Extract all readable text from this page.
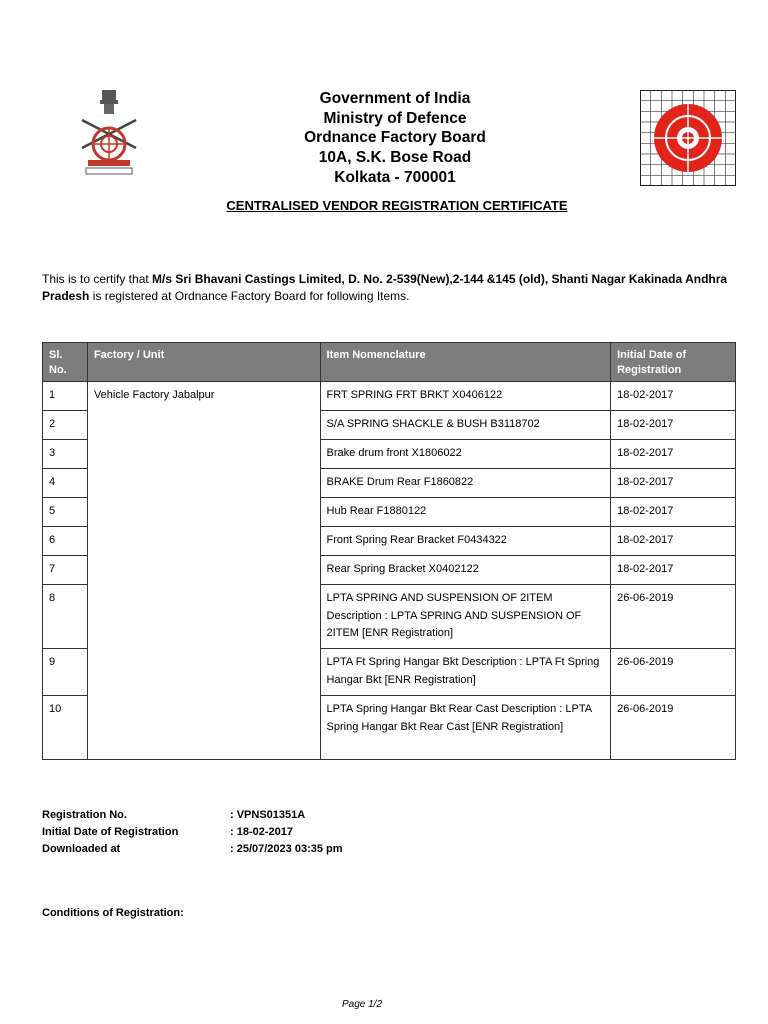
Government of India
Ministry of Defence
Ordnance Factory Board
10A, S.K. Bose Road
Kolkata - 700001
CENTRALISED VENDOR REGISTRATION CERTIFICATE
This is to certify that M/s Sri Bhavani Castings Limited, D. No. 2-539(New),2-144 &145 (old), Shanti Nagar Kakinada Andhra Pradesh is registered at Ordnance Factory Board for following Items.
Sl. No.	Factory / Unit	Item Nomenclature	Initial Date of Registration
1	Vehicle Factory Jabalpur	FRT SPRING FRT BRKT X0406122	18-02-2017
2		S/A SPRING SHACKLE & BUSH B3118702	18-02-2017
3		Brake drum front X1806022	18-02-2017
4		BRAKE Drum Rear F1860822	18-02-2017
5		Hub Rear F1880122	18-02-2017
6		Front Spring Rear Bracket F0434322	18-02-2017
7		Rear Spring Bracket X0402122	18-02-2017
8		LPTA SPRING AND SUSPENSION OF 2ITEM Description : LPTA SPRING AND SUSPENSION OF 2ITEM [ENR Registration]	26-06-2019
9		LPTA Ft Spring Hangar Bkt Description : LPTA Ft Spring Hangar Bkt [ENR Registration]	26-06-2019
10		LPTA Spring Hangar Bkt Rear Cast Description : LPTA Spring Hangar Bkt Rear Cast [ENR Registration]	26-06-2019
Registration No.	: VPNS01351A
Initial Date of Registration	: 18-02-2017
Downloaded at	: 25/07/2023 03:35 pm
Conditions of Registration:
Page 1/2
